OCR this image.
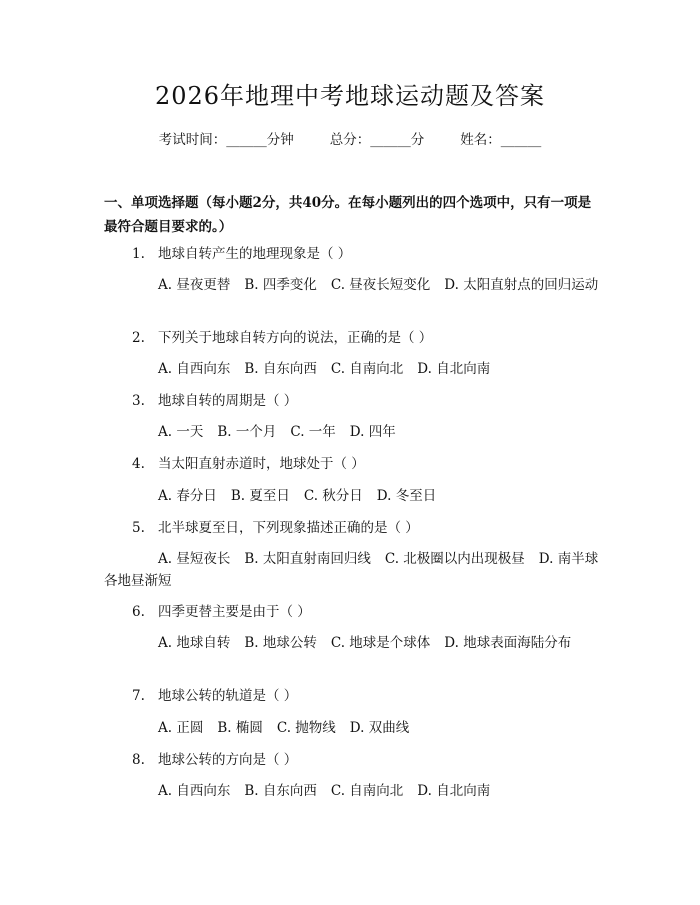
2026年地理中考地球运动题及答案
考试时间：______分钟	总分：______分	姓名：______
一、单项选择题（每小题2分，共40分。在每小题列出的四个选项中，只有一项是最符合题目要求的。）
1. 地球自转产生的地理现象是（ ）
A. 昼夜更替 B. 四季变化 C. 昼夜长短变化 D. 太阳直射点的回归运动
2. 下列关于地球自转方向的说法，正确的是（ ）
A. 自西向东 B. 自东向西 C. 自南向北 D. 自北向南
3. 地球自转的周期是（ ）
A. 一天 B. 一个月 C. 一年 D. 四年
4. 当太阳直射赤道时，地球处于（ ）
A. 春分日 B. 夏至日 C. 秋分日 D. 冬至日
5. 北半球夏至日，下列现象描述正确的是（ ）
A. 昼短夜长 B. 太阳直射南回归线 C. 北极圈以内出现极昼 D. 南半球各地昼渐短
6. 四季更替主要是由于（ ）
A. 地球自转 B. 地球公转 C. 地球是个球体 D. 地球表面海陆分布
7. 地球公转的轨道是（ ）
A. 正圆 B. 椭圆 C. 抛物线 D. 双曲线
8. 地球公转的方向是（ ）
A. 自西向东 B. 自东向西 C. 自南向北 D. 自北向南
